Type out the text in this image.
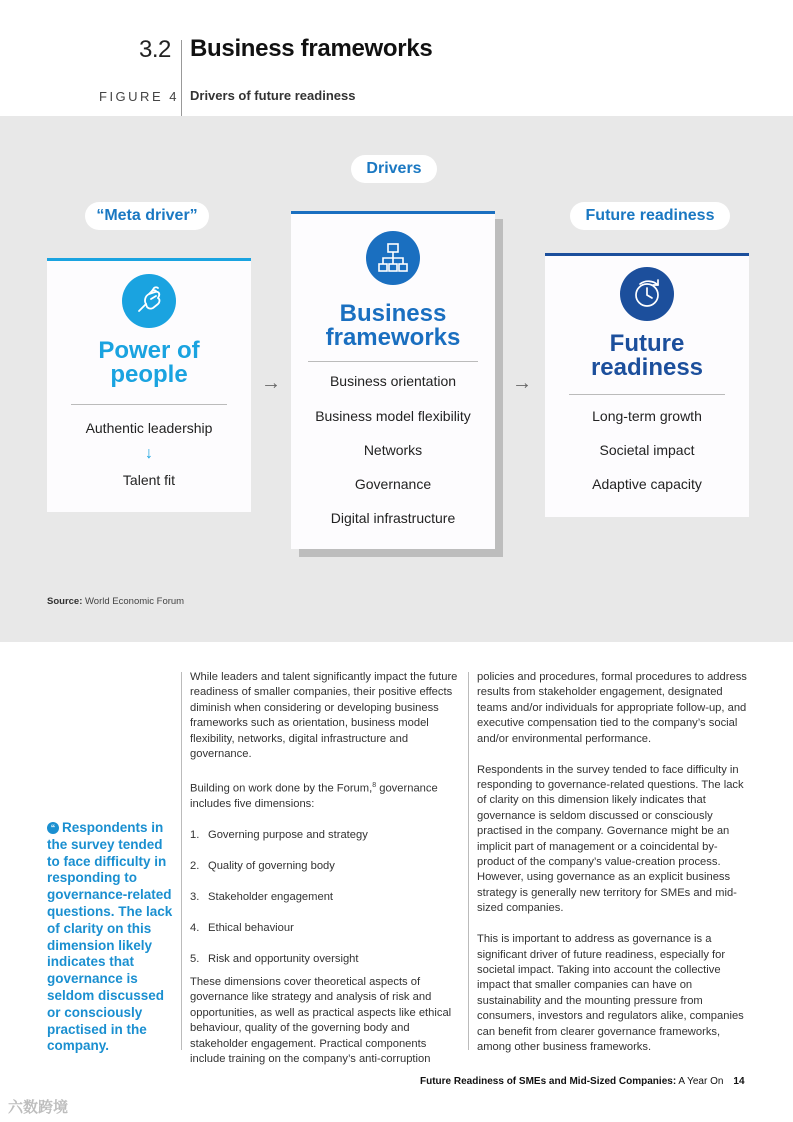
3.2 Business frameworks
FIGURE 4 Drivers of future readiness
Drivers
“Meta driver”	Future readiness
Power of
people
Authentic leadership
↓
Talent fit
Business
frameworks
Business orientation
Business model flexibility
Networks
Governance
Digital infrastructure
Future
readiness
Long-term growth
Societal impact
Adaptive capacity
→	→
Source: World Economic Forum
“ Respondents in the survey tended to face difficulty in responding to governance-related questions. The lack of clarity on this dimension likely indicates that governance is seldom discussed or consciously practised in the company.

While leaders and talent significantly impact the future readiness of smaller companies, their positive effects diminish when considering or developing business frameworks such as orientation, business model flexibility, networks, digital infrastructure and governance.

Building on work done by the Forum,$^8$ governance includes five dimensions:

1. Governing purpose and strategy
2. Quality of governing body
3. Stakeholder engagement
4. Ethical behaviour
5. Risk and opportunity oversight

These dimensions cover theoretical aspects of governance like strategy and analysis of risk and opportunities, as well as practical aspects like ethical behaviour, quality of the governing body and stakeholder engagement. Practical components include training on the company’s anti-corruption

policies and procedures, formal procedures to address results from stakeholder engagement, designated teams and/or individuals for appropriate follow-up, and executive compensation tied to the company’s social and/or environmental performance.

Respondents in the survey tended to face difficulty in responding to governance-related questions. The lack of clarity on this dimension likely indicates that governance is seldom discussed or consciously practised in the company. Governance might be an implicit part of management or a coincidental by-product of the company’s value-creation process. However, using governance as an explicit business strategy is generally new territory for SMEs and mid-sized companies.

This is important to address as governance is a significant driver of future readiness, especially for societal impact. Taking into account the collective impact that smaller companies can have on sustainability and the mounting pressure from consumers, investors and regulators alike, companies can benefit from clearer governance frameworks, among other business frameworks.

Future Readiness of SMEs and Mid-Sized Companies: A Year On 14
六数跨境
